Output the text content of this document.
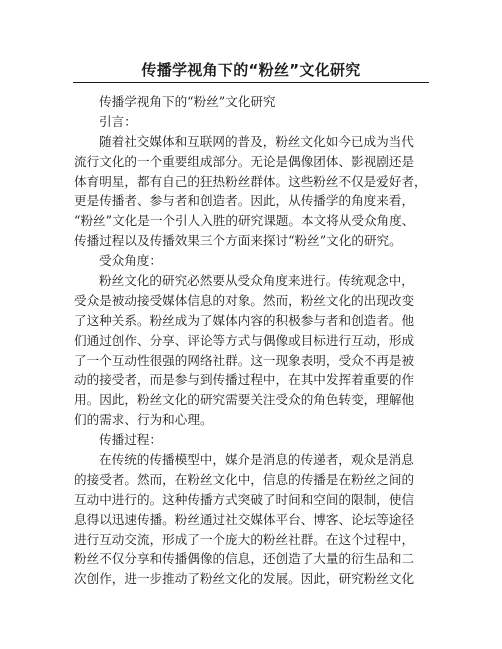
传播学视角下的“粉丝”文化研究
传播学视角下的“粉丝”文化研究
引言：
随着社交媒体和互联网的普及，粉丝文化如今已成为当代
流行文化的一个重要组成部分。无论是偶像团体、影视剧还是
体育明星，都有自己的狂热粉丝群体。这些粉丝不仅是爱好者，
更是传播者、参与者和创造者。因此，从传播学的角度来看，
“粉丝”文化是一个引人入胜的研究课题。本文将从受众角度、
传播过程以及传播效果三个方面来探讨“粉丝”文化的研究。
受众角度：
粉丝文化的研究必然要从受众角度来进行。传统观念中，
受众是被动接受媒体信息的对象。然而，粉丝文化的出现改变
了这种关系。粉丝成为了媒体内容的积极参与者和创造者。他
们通过创作、分享、评论等方式与偶像或目标进行互动，形成
了一个互动性很强的网络社群。这一现象表明，受众不再是被
动的接受者，而是参与到传播过程中，在其中发挥着重要的作
用。因此，粉丝文化的研究需要关注受众的角色转变，理解他
们的需求、行为和心理。
传播过程：
在传统的传播模型中，媒介是消息的传递者，观众是消息
的接受者。然而，在粉丝文化中，信息的传播是在粉丝之间的
互动中进行的。这种传播方式突破了时间和空间的限制，使信
息得以迅速传播。粉丝通过社交媒体平台、博客、论坛等途径
进行互动交流，形成了一个庞大的粉丝社群。在这个过程中，
粉丝不仅分享和传播偶像的信息，还创造了大量的衍生品和二
次创作，进一步推动了粉丝文化的发展。因此，研究粉丝文化
